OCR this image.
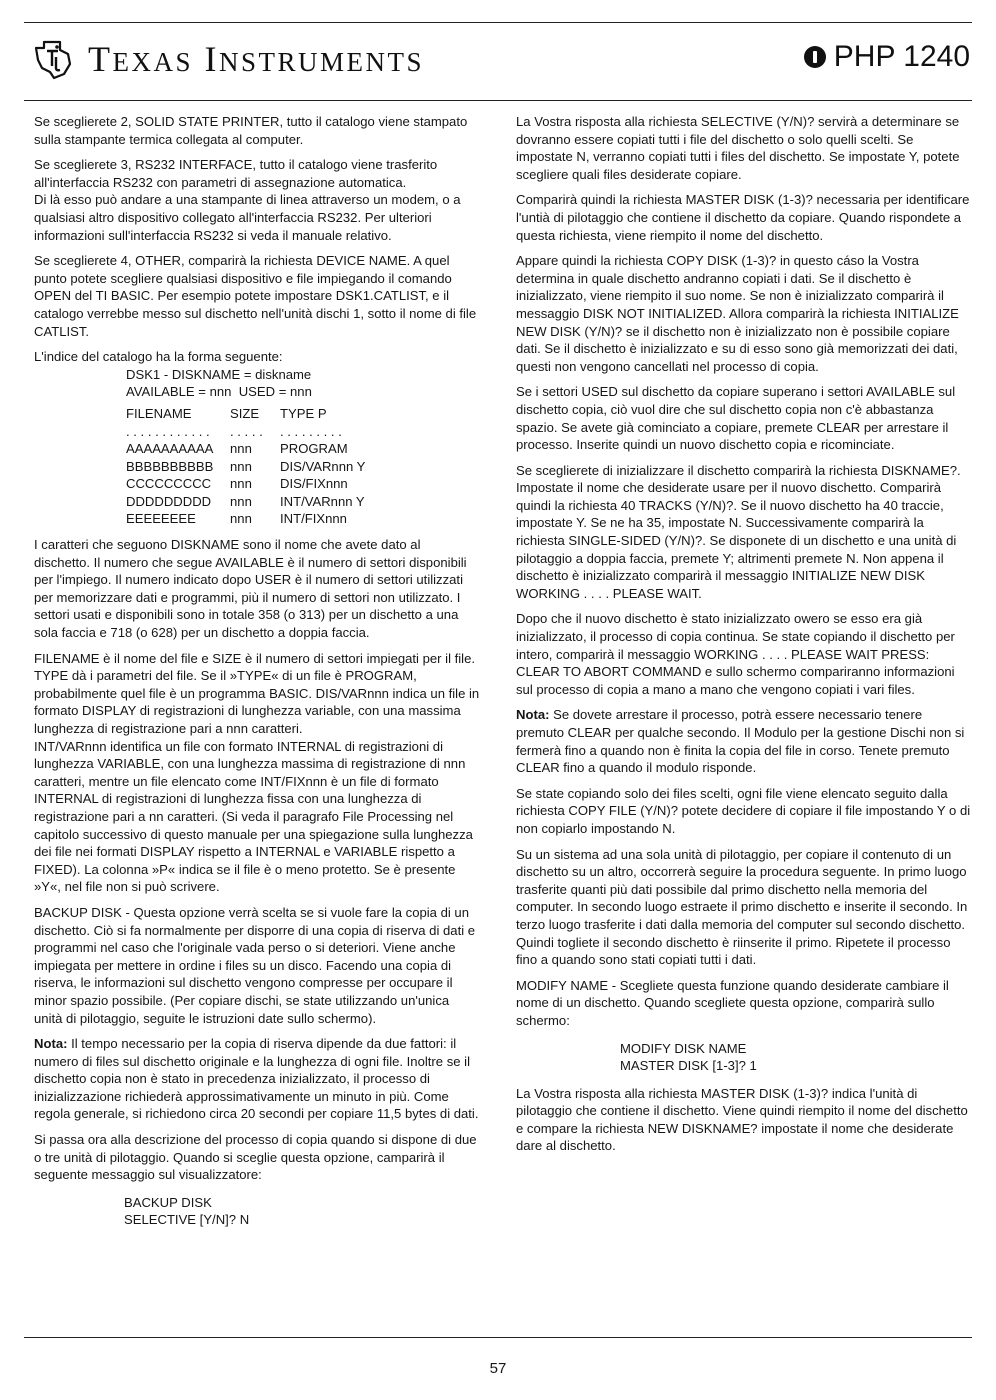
TEXAS INSTRUMENTS	PHP 1240

Se sceglierete 2, SOLID STATE PRINTER, tutto il catalogo viene stampato sulla stampante termica collegata al computer.

Se sceglierete 3, RS232 INTERFACE, tutto il catalogo viene trasferito all'interfaccia RS232 con parametri di assegnazione automatica.

Di là esso può andare a una stampante di linea attraverso un modem, o a qualsiasi altro dispositivo collegato all'interfaccia RS232. Per ulteriori informazioni sull'interfaccia RS232 si veda il manuale relativo.

Se sceglierete 4, OTHER, comparirà la richiesta DEVICE NAME. A quel punto potete scegliere qualsiasi dispositivo e file impiegando il comando OPEN del TI BASIC. Per esempio potete impostare DSK1.CATLIST, e il catalogo verrebbe messo sul dischetto nell'unità dischi 1, sotto il nome di file CATLIST.

L'indice del catalogo ha la forma seguente:

DSK1 - DISKNAME = diskname
AVAILABLE = nnn  USED = nnn
FILENAME	SIZE	TYPE P
. . . . . . . . . . . .	. . . . .	. . . . . . . . .
AAAAAAAAAA	nnn	PROGRAM
BBBBBBBBBB	nnn	DIS/VARnnn Y
CCCCCCCCC	nnn	DIS/FIXnnn
DDDDDDDDD	nnn	INT/VARnnn Y
EEEEEEEE	nnn	INT/FIXnnn

I caratteri che seguono DISKNAME sono il nome che avete dato al dischetto. Il numero che segue AVAILABLE è il numero di settori disponibili per l'impiego. Il numero indicato dopo USER è il numero di settori utilizzati per memorizzare dati e programmi, più il numero di settori non utilizzato. I settori usati e disponibili sono in totale 358 (o 313) per un dischetto a una sola faccia e 718 (o 628) per un dischetto a doppia faccia.

FILENAME è il nome del file e SIZE è il numero di settori impiegati per il file. TYPE dà i parametri del file. Se il »TYPE« di un file è PROGRAM, probabilmente quel file è un programma BASIC. DIS/VARnnn indica un file in formato DISPLAY di registrazioni di lunghezza variable, con una massima lunghezza di registrazione pari a nnn caratteri.

INT/VARnnn identifica un file con formato INTERNAL di registrazioni di lunghezza VARIABLE, con una lunghezza massima di registrazione di nnn caratteri, mentre un file elencato come INT/FIXnnn è un file di formato INTERNAL di registrazioni di lunghezza fissa con una lunghezza di registrazione pari a nn caratteri. (Si veda il paragrafo File Processing nel capitolo successivo di questo manuale per una spiegazione sulla lunghezza dei file nei formati DISPLAY rispetto a INTERNAL e VARIABLE rispetto a FIXED). La colonna »P« indica se il file è o meno protetto. Se è presente »Y«, nel file non si può scrivere.

BACKUP DISK - Questa opzione verrà scelta se si vuole fare la copia di un dischetto. Ciò si fa normalmente per disporre di una copia di riserva di dati e programmi nel caso che l'originale vada perso o si deteriori. Viene anche impiegata per mettere in ordine i files su un disco. Facendo una copia di riserva, le informazioni sul dischetto vengono compresse per occupare il minor spazio possibile. (Per copiare dischi, se state utilizzando un'unica unità di pilotaggio, seguite le istruzioni date sullo schermo).

Nota: Il tempo necessario per la copia di riserva dipende da due fattori: il numero di files sul dischetto originale e la lunghezza di ogni file. Inoltre se il dischetto copia non è stato in precedenza inizializzato, il processo di inizializzazione richiederà approssimativamente un minuto in più. Come regola generale, si richiedono circa 20 secondi per copiare 11,5 bytes di dati.

Si passa ora alla descrizione del processo di copia quando si dispone di due o tre unità di pilotaggio. Quando si sceglie questa opzione, camparirà il seguente messaggio sul visualizzatore:

BACKUP DISK
SELECTIVE [Y/N]? N

La Vostra risposta alla richiesta SELECTIVE (Y/N)? servirà a determinare se dovranno essere copiati tutti i file del dischetto o solo quelli scelti. Se impostate N, verranno copiati tutti i files del dischetto. Se impostate Y, potete scegliere quali files desiderate copiare.

Comparirà quindi la richiesta MASTER DISK (1-3)? necessaria per identificare l'untià di pilotaggio che contiene il dischetto da copiare. Quando rispondete a questa richiesta, viene riempito il nome del dischetto.

Appare quindi la richiesta COPY DISK (1-3)? in questo cáso la Vostra determina in quale dischetto andranno copiati i dati. Se il dischetto è inizializzato, viene riempito il suo nome. Se non è inizializzato comparirà il messaggio DISK NOT INITIALIZED. Allora comparirà la richiesta INITIALIZE NEW DISK (Y/N)? se il dischetto non è inizializzato non è possibile copiare dati. Se il dischetto è inizializzato e su di esso sono già memorizzati dei dati, questi non vengono cancellati nel processo di copia.

Se i settori USED sul dischetto da copiare superano i settori AVAILABLE sul dischetto copia, ciò vuol dire che sul dischetto copia non c'è abbastanza spazio. Se avete già cominciato a copiare, premete CLEAR per arrestare il processo. Inserite quindi un nuovo dischetto copia e ricominciate.

Se sceglierete di inizializzare il dischetto comparirà la richiesta DISKNAME?. Impostate il nome che desiderate usare per il nuovo dischetto. Comparirà quindi la richiesta 40 TRACKS (Y/N)?. Se il nuovo dischetto ha 40 traccie, impostate Y. Se ne ha 35, impostate N. Successivamente comparirà la richiesta SINGLE-SIDED (Y/N)?. Se disponete di un dischetto e una unità di pilotaggio a doppia faccia, premete Y; altrimenti premete N. Non appena il dischetto è inizializzato comparirà il messaggio INITIALIZE NEW DISK WORKING . . . . PLEASE WAIT.

Dopo che il nuovo dischetto è stato inizializzato owero se esso era già inizializzato, il processo di copia continua. Se state copiando il dischetto per intero, comparirà il messaggio WORKING . . . . PLEASE WAIT PRESS: CLEAR TO ABORT COMMAND e sullo schermo compariranno informazioni sul processo di copia a mano a mano che vengono copiati i vari files.

Nota: Se dovete arrestare il processo, potrà essere necessario tenere premuto CLEAR per qualche secondo. Il Modulo per la gestione Dischi non si fermerà fino a quando non è finita la copia del file in corso. Tenete premuto CLEAR fino a quando il modulo risponde.

Se state copiando solo dei files scelti, ogni file viene elencato seguito dalla richiesta COPY FILE (Y/N)? potete decidere di copiare il file impostando Y o di non copiarlo impostando N.

Su un sistema ad una sola unità di pilotaggio, per copiare il contenuto di un dischetto su un altro, occorrerà seguire la procedura seguente. In primo luogo trasferite quanti più dati possibile dal primo dischetto nella memoria del computer. In secondo luogo estraete il primo dischetto e inserite il secondo. In terzo luogo trasferite i dati dalla memoria del computer sul secondo dischetto. Quindi togliete il secondo dischetto è riinserite il primo. Ripetete il processo fino a quando sono stati copiati tutti i dati.

MODIFY NAME - Scegliete questa funzione quando desiderate cambiare il nome di un dischetto. Quando scegliete questa opzione, comparirà sullo schermo:

MODIFY DISK NAME
MASTER DISK [1-3]? 1

La Vostra risposta alla richiesta MASTER DISK (1-3)? indica l'unità di pilotaggio che contiene il dischetto. Viene quindi riempito il nome del dischetto e compare la richiesta NEW DISKNAME? impostate il nome che desiderate dare al dischetto.

57
